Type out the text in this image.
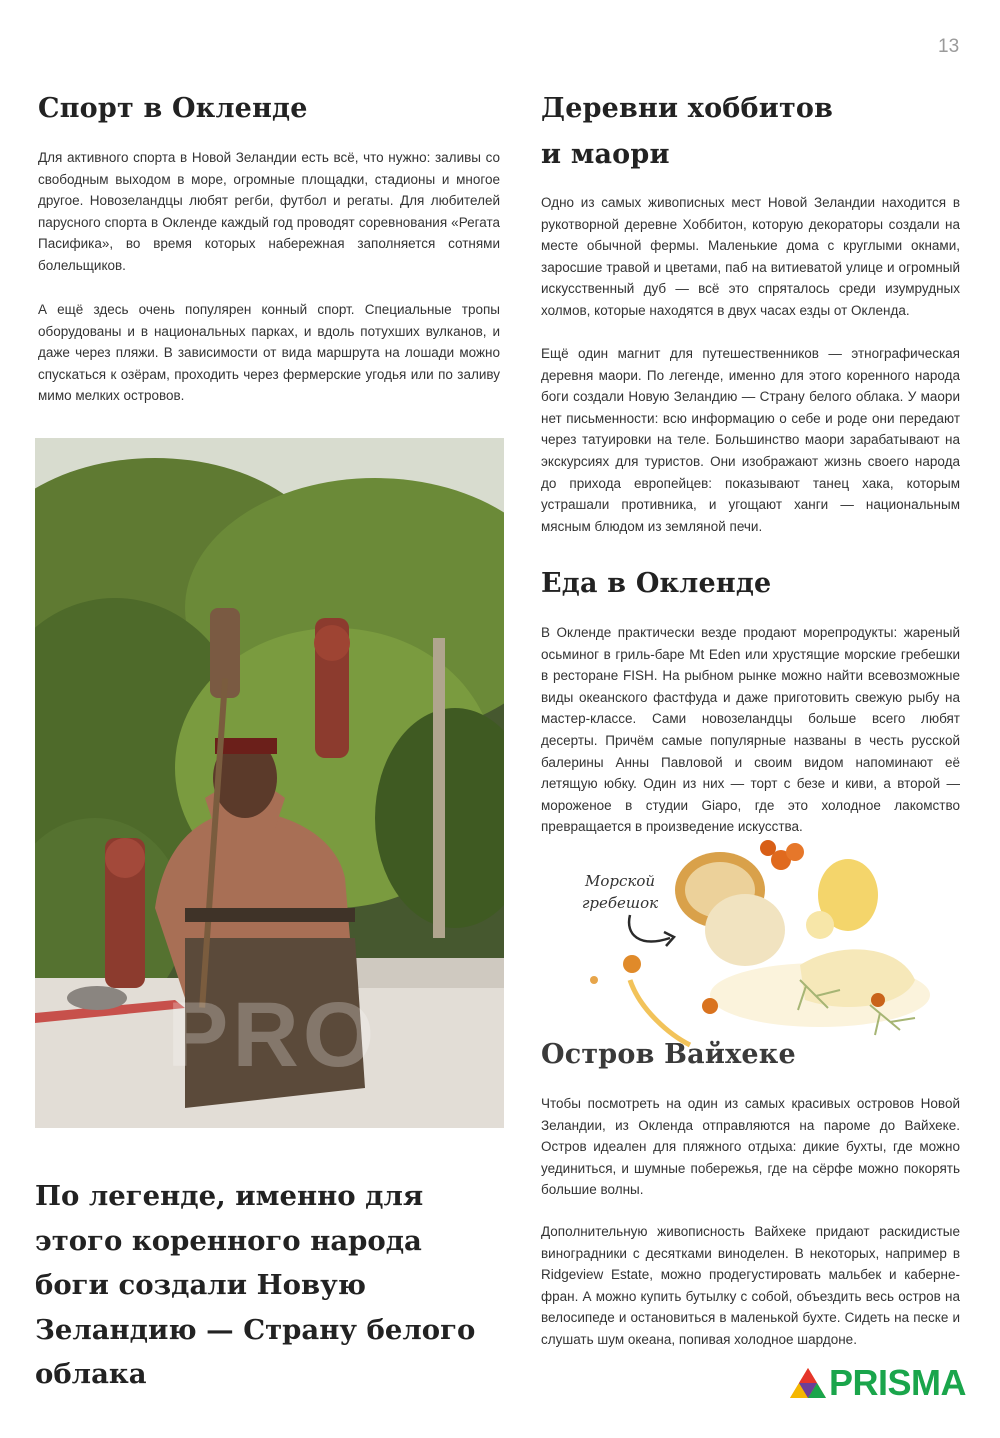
13
Спорт в Окленде

Для активного спорта в Новой Зеландии есть всё, что нужно: заливы со свободным выходом в море, огромные площадки, стадионы и многое другое. Новозеландцы любят регби, футбол и регаты. Для любителей парусного спорта в Окленде каждый год проводят соревнования «Регата Пасифика», во время которых набережная заполняется сотнями болельщиков.

А ещё здесь очень популярен конный спорт. Специальные тропы оборудованы и в национальных парках, и вдоль потухших вулканов, и даже через пляжи. В зависимости от вида маршрута на лошади можно спускаться к озёрам, проходить через фермерские угодья или по заливу мимо мелких островов.

PRO

По легенде, именно для этого коренного народа боги создали Новую Зеландию — Страну белого облака

Деревни хоббитов
и маори

Одно из самых живописных мест Новой Зеландии находится в рукотворной деревне Хоббитон, которую декораторы создали на месте обычной фермы. Маленькие дома с круглыми окнами, заросшие травой и цветами, паб на витиеватой улице и огромный искусственный дуб — всё это спряталось среди изумрудных холмов, которые находятся в двух часах езды от Окленда.

Ещё один магнит для путешественников — этнографическая деревня маори. По легенде, именно для этого коренного народа боги создали Новую Зеландию — Страну белого облака. У маори нет письменности: всю информацию о себе и роде они передают через татуировки на теле. Большинство маори зарабатывают на экскурсиях для туристов. Они изображают жизнь своего народа до прихода европейцев: показывают танец хака, которым устрашали противника, и угощают ханги — национальным мясным блюдом из земляной печи.

Еда в Окленде

В Окленде практически везде продают морепродукты: жареный осьминог в гриль-баре Mt Eden или хрустящие морские гребешки в ресторане FISH. На рыбном рынке можно найти всевозможные виды океанского фастфуда и даже приготовить свежую рыбу на мастер-классе. Сами новозеландцы больше всего любят десерты. Причём самые популярные названы в честь русской балерины Анны Павловой и своим видом напоминают её летящую юбку. Один из них — торт с безе и киви, а второй — мороженое в студии Giapo, где это холодное лакомство превращается в произведение искусства.

Морской
гребешок
Остров Вайхеке

Чтобы посмотреть на один из самых красивых островов Новой Зеландии, из Окленда отправляются на пароме до Вайхеке. Остров идеален для пляжного отдыха: дикие бухты, где можно уединиться, и шумные побережья, где на сёрфе можно покорять большие волны.

Дополнительную живописность Вайхеке придают раскидистые виноградники с десятками виноделен. В некоторых, например в Ridgeview Estate, можно продегустировать мальбек и каберне-фран. А можно купить бутылку с собой, объездить весь остров на велосипеде и остановиться в маленькой бухте. Сидеть на песке и слушать шум океана, попивая холодное шардоне.

PRISMA
